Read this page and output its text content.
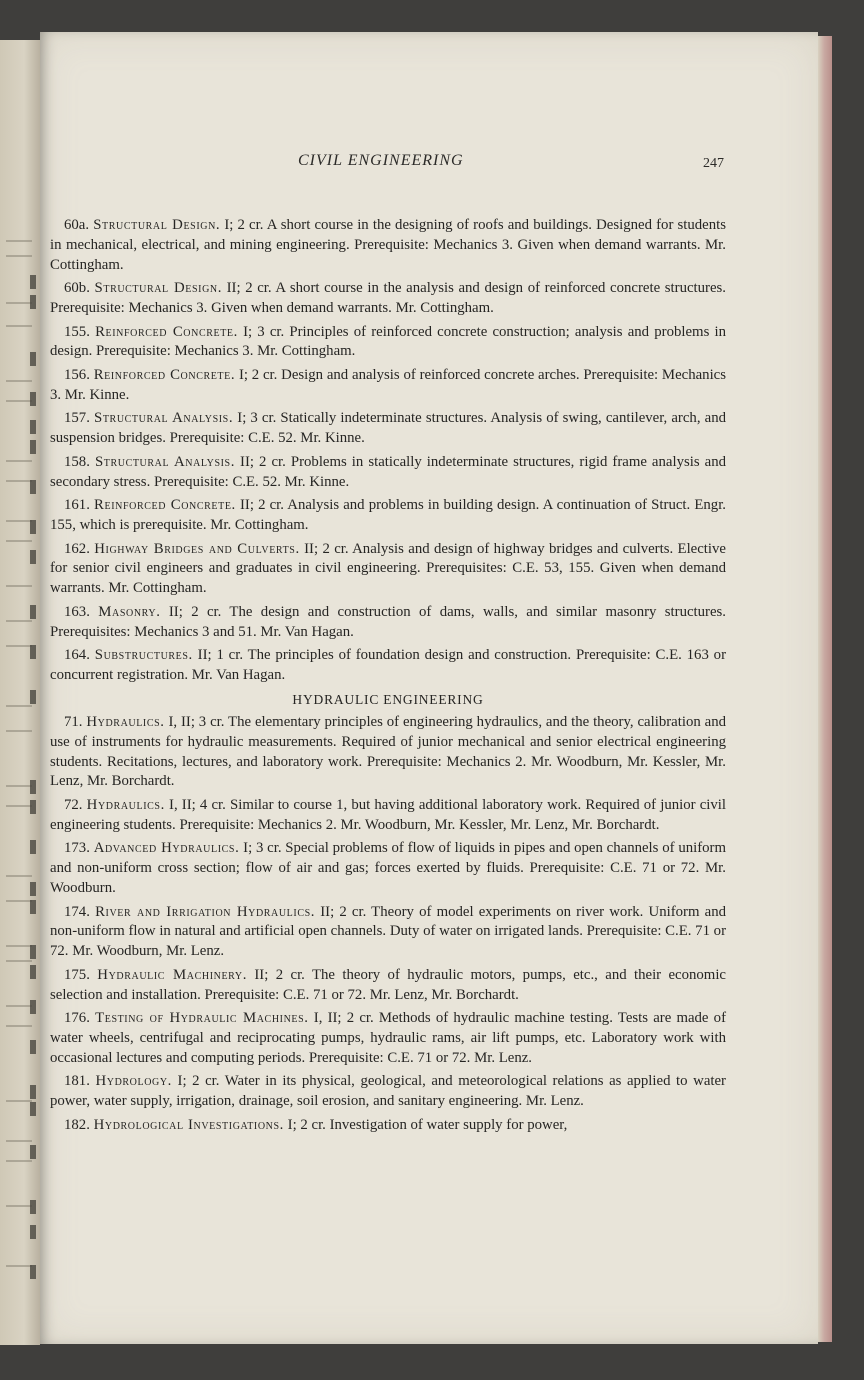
CIVIL ENGINEERING	247

60a. Structural Design. I; 2 cr. A short course in the designing of roofs and buildings. Designed for students in mechanical, electrical, and mining engineering. Prerequisite: Mechanics 3. Given when demand warrants. Mr. Cottingham.

60b. Structural Design. II; 2 cr. A short course in the analysis and design of reinforced concrete structures. Prerequisite: Mechanics 3. Given when demand warrants. Mr. Cottingham.

155. Reinforced Concrete. I; 3 cr. Principles of reinforced concrete construction; analysis and problems in design. Prerequisite: Mechanics 3. Mr. Cottingham.

156. Reinforced Concrete. I; 2 cr. Design and analysis of reinforced concrete arches. Prerequisite: Mechanics 3. Mr. Kinne.

157. Structural Analysis. I; 3 cr. Statically indeterminate structures. Analysis of swing, cantilever, arch, and suspension bridges. Prerequisite: C.E. 52. Mr. Kinne.

158. Structural Analysis. II; 2 cr. Problems in statically indeterminate structures, rigid frame analysis and secondary stress. Prerequisite: C.E. 52. Mr. Kinne.

161. Reinforced Concrete. II; 2 cr. Analysis and problems in building design. A continuation of Struct. Engr. 155, which is prerequisite. Mr. Cottingham.

162. Highway Bridges and Culverts. II; 2 cr. Analysis and design of highway bridges and culverts. Elective for senior civil engineers and graduates in civil engineering. Prerequisites: C.E. 53, 155. Given when demand warrants. Mr. Cottingham.

163. Masonry. II; 2 cr. The design and construction of dams, walls, and similar masonry structures. Prerequisites: Mechanics 3 and 51. Mr. Van Hagan.

164. Substructures. II; 1 cr. The principles of foundation design and construction. Prerequisite: C.E. 163 or concurrent registration. Mr. Van Hagan.

HYDRAULIC ENGINEERING

71. Hydraulics. I, II; 3 cr. The elementary principles of engineering hydraulics, and the theory, calibration and use of instruments for hydraulic measurements. Required of junior mechanical and senior electrical engineering students. Recitations, lectures, and laboratory work. Prerequisite: Mechanics 2. Mr. Woodburn, Mr. Kessler, Mr. Lenz, Mr. Borchardt.

72. Hydraulics. I, II; 4 cr. Similar to course 1, but having additional laboratory work. Required of junior civil engineering students. Prerequisite: Mechanics 2. Mr. Woodburn, Mr. Kessler, Mr. Lenz, Mr. Borchardt.

173. Advanced Hydraulics. I; 3 cr. Special problems of flow of liquids in pipes and open channels of uniform and non-uniform cross section; flow of air and gas; forces exerted by fluids. Prerequisite: C.E. 71 or 72. Mr. Woodburn.

174. River and Irrigation Hydraulics. II; 2 cr. Theory of model experiments on river work. Uniform and non-uniform flow in natural and artificial open channels. Duty of water on irrigated lands. Prerequisite: C.E. 71 or 72. Mr. Woodburn, Mr. Lenz.

175. Hydraulic Machinery. II; 2 cr. The theory of hydraulic motors, pumps, etc., and their economic selection and installation. Prerequisite: C.E. 71 or 72. Mr. Lenz, Mr. Borchardt.

176. Testing of Hydraulic Machines. I, II; 2 cr. Methods of hydraulic machine testing. Tests are made of water wheels, centrifugal and reciprocating pumps, hydraulic rams, air lift pumps, etc. Laboratory work with occasional lectures and computing periods. Prerequisite: C.E. 71 or 72. Mr. Lenz.

181. Hydrology. I; 2 cr. Water in its physical, geological, and meteorological relations as applied to water power, water supply, irrigation, drainage, soil erosion, and sanitary engineering. Mr. Lenz.

182. Hydrological Investigations. I; 2 cr. Investigation of water supply for power,
